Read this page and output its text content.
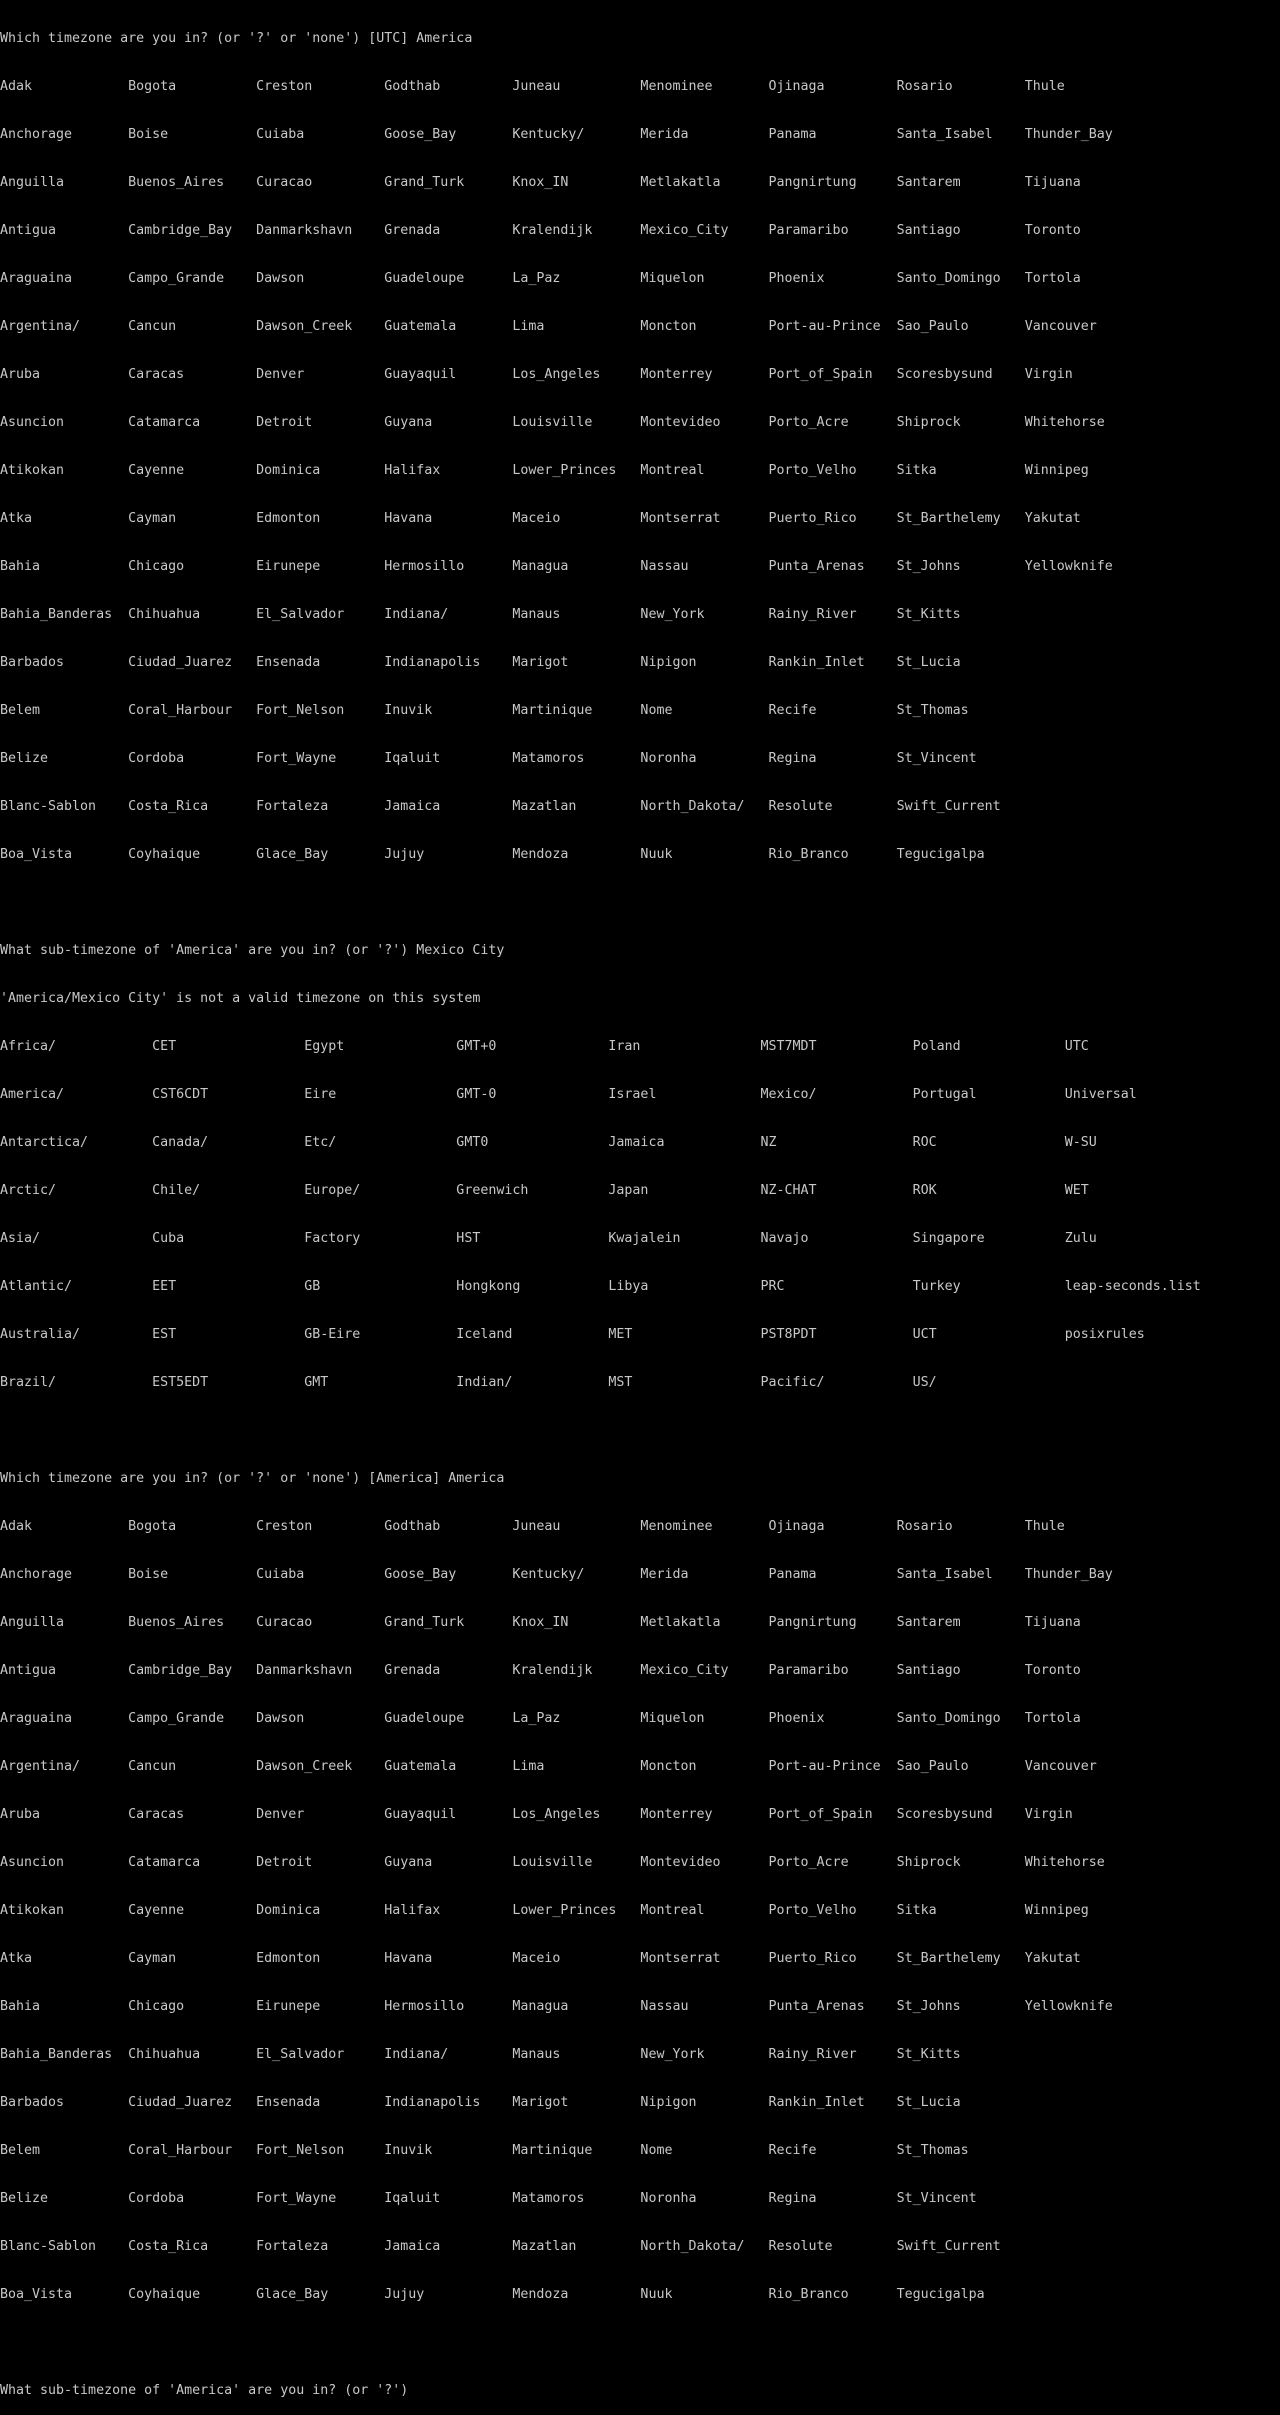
Which timezone are you in? (or '?' or 'none') [UTC] America

Adak            Bogota          Creston         Godthab         Juneau          Menominee       Ojinaga         Rosario         Thule

Anchorage       Boise           Cuiaba          Goose_Bay       Kentucky/       Merida          Panama          Santa_Isabel    Thunder_Bay

Anguilla        Buenos_Aires    Curacao         Grand_Turk      Knox_IN         Metlakatla      Pangnirtung     Santarem        Tijuana

Antigua         Cambridge_Bay   Danmarkshavn    Grenada         Kralendijk      Mexico_City     Paramaribo      Santiago        Toronto

Araguaina       Campo_Grande    Dawson          Guadeloupe      La_Paz          Miquelon        Phoenix         Santo_Domingo   Tortola

Argentina/      Cancun          Dawson_Creek    Guatemala       Lima            Moncton         Port-au-Prince  Sao_Paulo       Vancouver

Aruba           Caracas         Denver          Guayaquil       Los_Angeles     Monterrey       Port_of_Spain   Scoresbysund    Virgin

Asuncion        Catamarca       Detroit         Guyana          Louisville      Montevideo      Porto_Acre      Shiprock        Whitehorse

Atikokan        Cayenne         Dominica        Halifax         Lower_Princes   Montreal        Porto_Velho     Sitka           Winnipeg

Atka            Cayman          Edmonton        Havana          Maceio          Montserrat      Puerto_Rico     St_Barthelemy   Yakutat

Bahia           Chicago         Eirunepe        Hermosillo      Managua         Nassau          Punta_Arenas    St_Johns        Yellowknife

Bahia_Banderas  Chihuahua       El_Salvador     Indiana/        Manaus          New_York        Rainy_River     St_Kitts

Barbados        Ciudad_Juarez   Ensenada        Indianapolis    Marigot         Nipigon         Rankin_Inlet    St_Lucia

Belem           Coral_Harbour   Fort_Nelson     Inuvik          Martinique      Nome            Recife          St_Thomas

Belize          Cordoba         Fort_Wayne      Iqaluit         Matamoros       Noronha         Regina          St_Vincent

Blanc-Sablon    Costa_Rica      Fortaleza       Jamaica         Mazatlan        North_Dakota/   Resolute        Swift_Current

Boa_Vista       Coyhaique       Glace_Bay       Jujuy           Mendoza         Nuuk            Rio_Branco      Tegucigalpa

What sub-timezone of 'America' are you in? (or '?') Mexico City

'America/Mexico City' is not a valid timezone on this system

Africa/            CET                Egypt              GMT+0              Iran               MST7MDT            Poland             UTC

America/           CST6CDT            Eire               GMT-0              Israel             Mexico/            Portugal           Universal

Antarctica/        Canada/            Etc/               GMT0               Jamaica            NZ                 ROC                W-SU

Arctic/            Chile/             Europe/            Greenwich          Japan              NZ-CHAT            ROK                WET

Asia/              Cuba               Factory            HST                Kwajalein          Navajo             Singapore          Zulu

Atlantic/          EET                GB                 Hongkong           Libya              PRC                Turkey             leap-seconds.list

Australia/         EST                GB-Eire            Iceland            MET                PST8PDT            UCT                posixrules

Brazil/            EST5EDT            GMT                Indian/            MST                Pacific/           US/

Which timezone are you in? (or '?' or 'none') [America] America

Adak            Bogota          Creston         Godthab         Juneau          Menominee       Ojinaga         Rosario         Thule

Anchorage       Boise           Cuiaba          Goose_Bay       Kentucky/       Merida          Panama          Santa_Isabel    Thunder_Bay

Anguilla        Buenos_Aires    Curacao         Grand_Turk      Knox_IN         Metlakatla      Pangnirtung     Santarem        Tijuana

Antigua         Cambridge_Bay   Danmarkshavn    Grenada         Kralendijk      Mexico_City     Paramaribo      Santiago        Toronto

Araguaina       Campo_Grande    Dawson          Guadeloupe      La_Paz          Miquelon        Phoenix         Santo_Domingo   Tortola

Argentina/      Cancun          Dawson_Creek    Guatemala       Lima            Moncton         Port-au-Prince  Sao_Paulo       Vancouver

Aruba           Caracas         Denver          Guayaquil       Los_Angeles     Monterrey       Port_of_Spain   Scoresbysund    Virgin

Asuncion        Catamarca       Detroit         Guyana          Louisville      Montevideo      Porto_Acre      Shiprock        Whitehorse

Atikokan        Cayenne         Dominica        Halifax         Lower_Princes   Montreal        Porto_Velho     Sitka           Winnipeg

Atka            Cayman          Edmonton        Havana          Maceio          Montserrat      Puerto_Rico     St_Barthelemy   Yakutat

Bahia           Chicago         Eirunepe        Hermosillo      Managua         Nassau          Punta_Arenas    St_Johns        Yellowknife

Bahia_Banderas  Chihuahua       El_Salvador     Indiana/        Manaus          New_York        Rainy_River     St_Kitts

Barbados        Ciudad_Juarez   Ensenada        Indianapolis    Marigot         Nipigon         Rankin_Inlet    St_Lucia

Belem           Coral_Harbour   Fort_Nelson     Inuvik          Martinique      Nome            Recife          St_Thomas

Belize          Cordoba         Fort_Wayne      Iqaluit         Matamoros       Noronha         Regina          St_Vincent

Blanc-Sablon    Costa_Rica      Fortaleza       Jamaica         Mazatlan        North_Dakota/   Resolute        Swift_Current

Boa_Vista       Coyhaique       Glace_Bay       Jujuy           Mendoza         Nuuk            Rio_Branco      Tegucigalpa

What sub-timezone of 'America' are you in? (or '?')
